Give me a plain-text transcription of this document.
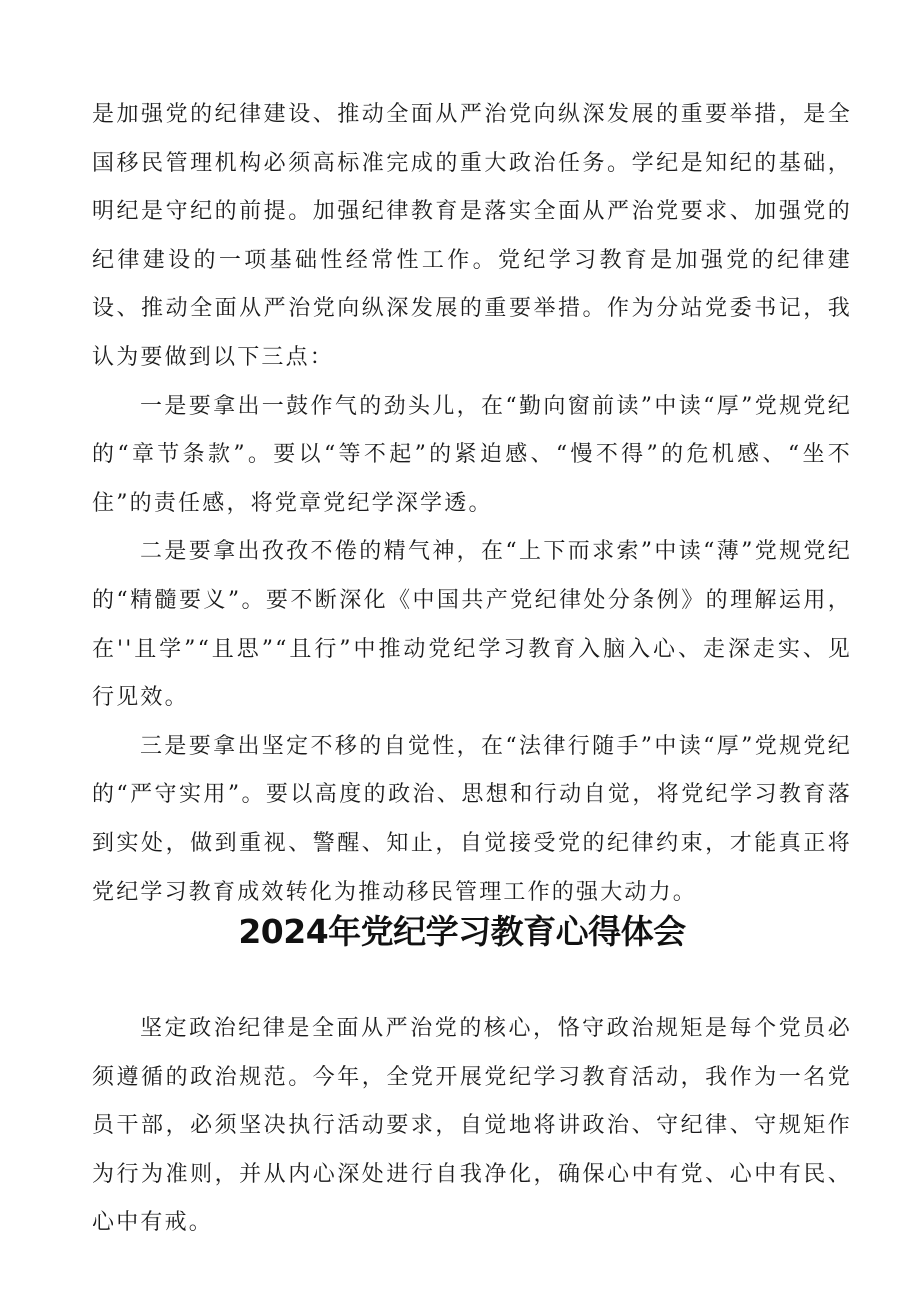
是加强党的纪律建设、推动全面从严治党向纵深发展的重要举措，是全国移民管理机构必须高标准完成的重大政治任务。学纪是知纪的基础，明纪是守纪的前提。加强纪律教育是落实全面从严治党要求、加强党的纪律建设的一项基础性经常性工作。党纪学习教育是加强党的纪律建设、推动全面从严治党向纵深发展的重要举措。作为分站党委书记，我认为要做到以下三点：

一是要拿出一鼓作气的劲头儿，在“勤向窗前读”中读“厚”党规党纪的“章节条款”。要以“等不起”的紧迫感、“慢不得”的危机感、“坐不住”的责任感，将党章党纪学深学透。

二是要拿出孜孜不倦的精气神，在“上下而求索”中读“薄”党规党纪的“精髓要义”。要不断深化《中国共产党纪律处分条例》的理解运用，在''且学”“且思”“且行”中推动党纪学习教育入脑入心、走深走实、见行见效。

三是要拿出坚定不移的自觉性，在“法律行随手”中读“厚”党规党纪的“严守实用”。要以高度的政治、思想和行动自觉，将党纪学习教育落到实处，做到重视、警醒、知止，自觉接受党的纪律约束，才能真正将党纪学习教育成效转化为推动移民管理工作的强大动力。

2024年党纪学习教育心得体会

坚定政治纪律是全面从严治党的核心，恪守政治规矩是每个党员必须遵循的政治规范。今年，全党开展党纪学习教育活动，我作为一名党员干部，必须坚决执行活动要求，自觉地将讲政治、守纪律、守规矩作为行为准则，并从内心深处进行自我净化，确保心中有党、心中有民、心中有戒。
